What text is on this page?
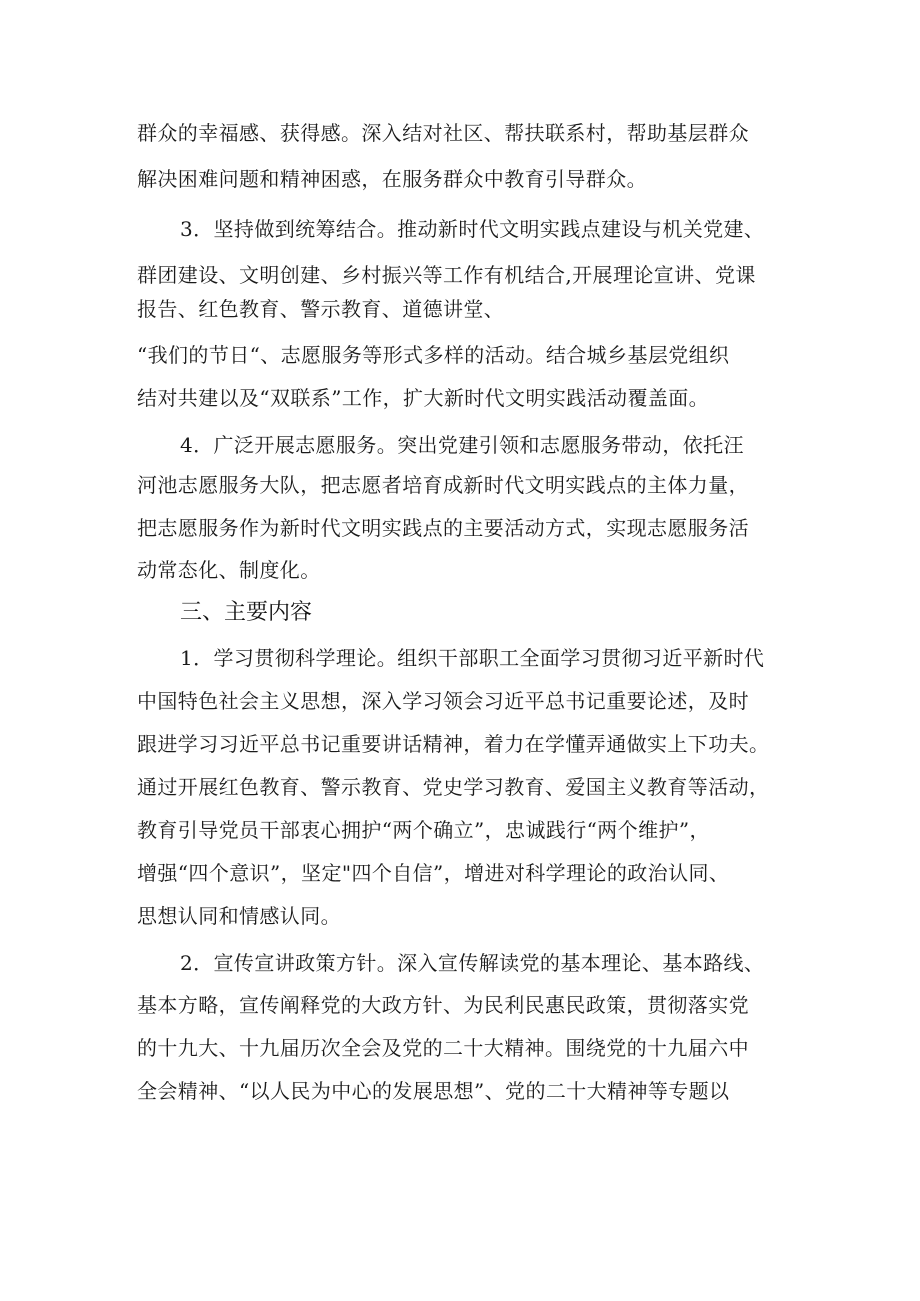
群众的幸福感、获得感。深入结对社区、帮扶联系村，帮助基层群众
解决困难问题和精神困惑，在服务群众中教育引导群众。
3．坚持做到统筹结合。推动新时代文明实践点建设与机关党建、
群团建设、文明创建、乡村振兴等工作有机结合,开展理论宣讲、党课
报告、红色教育、警示教育、道德讲堂、
“我们的节日“、志愿服务等形式多样的活动。结合城乡基层党组织
结对共建以及“双联系”工作，扩大新时代文明实践活动覆盖面。
4．广泛开展志愿服务。突出党建引领和志愿服务带动，依托汪
河池志愿服务大队，把志愿者培育成新时代文明实践点的主体力量，
把志愿服务作为新时代文明实践点的主要活动方式，实现志愿服务活
动常态化、制度化。
三、主要内容
1．学习贯彻科学理论。组织干部职工全面学习贯彻习近平新时代
中国特色社会主义思想，深入学习领会习近平总书记重要论述，及时
跟进学习习近平总书记重要讲话精神，着力在学懂弄通做实上下功夫。
通过开展红色教育、警示教育、党史学习教育、爱国主义教育等活动，
教育引导党员干部衷心拥护“两个确立”，忠诚践行“两个维护”，
增强“四个意识”，坚定"四个自信”，增进对科学理论的政治认同、
思想认同和情感认同。
2．宣传宣讲政策方针。深入宣传解读党的基本理论、基本路线、
基本方略，宣传阐释党的大政方针、为民利民惠民政策，贯彻落实党
的十九大、十九届历次全会及党的二十大精神。围绕党的十九届六中
全会精神、“以人民为中心的发展思想”、党的二十大精神等专题以
